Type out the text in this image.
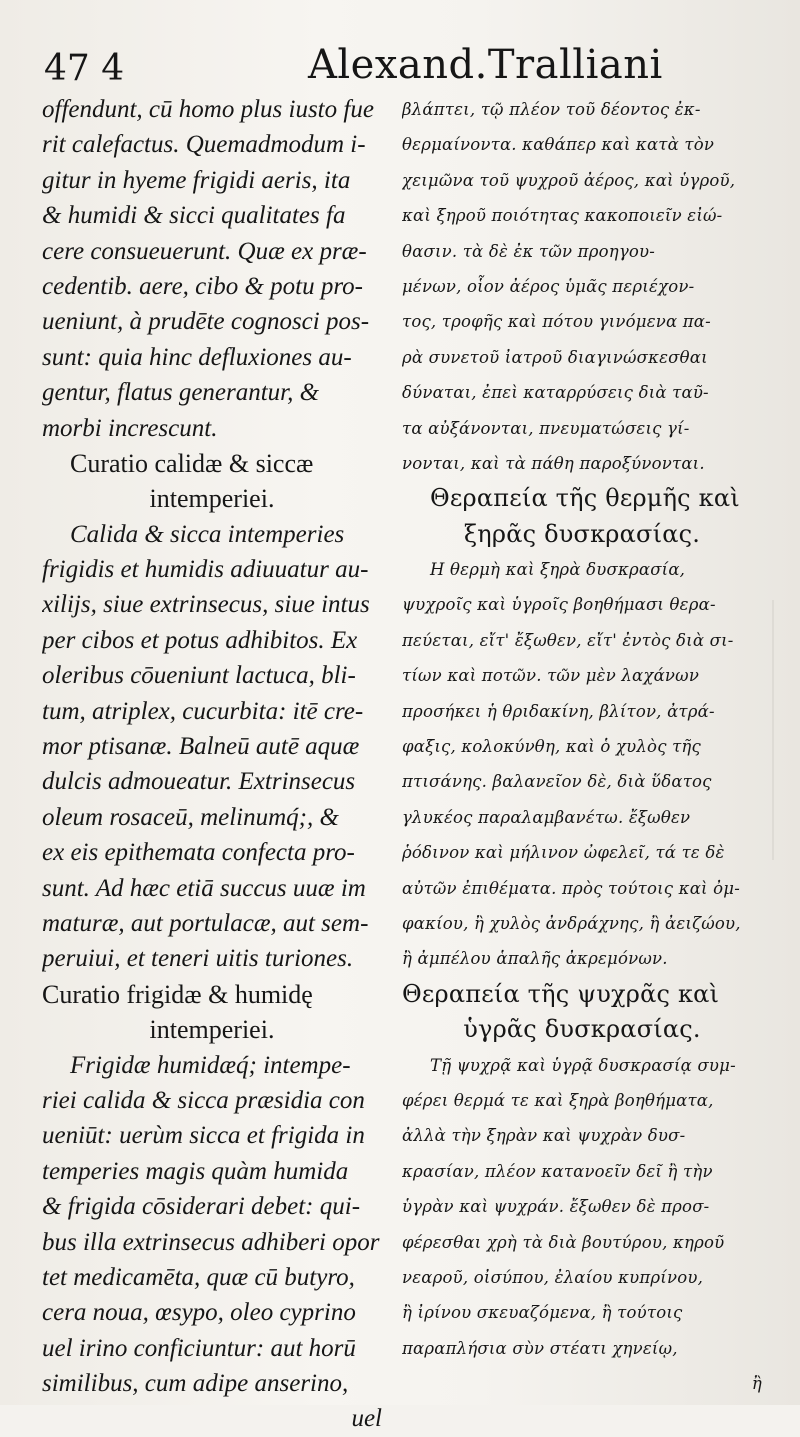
47 4	Alexand.Tralliani
offendunt, cū homo plus iusto fue
rit calefactus. Quemadmodum i-
gitur in hyeme frigidi aeris, ita
& humidi & sicci qualitates fa
cere consueuerunt. Quæ ex præ-
cedentib. aere, cibo & potu pro-
ueniunt, à prudēte cognosci pos-
sunt: quia hinc defluxiones au-
gentur, flatus generantur, &
morbi increscunt.
Curatio calidæ & siccæ
intemperiei.
Calida & sicca intemperies
frigidis et humidis adiuuatur au-
xilijs, siue extrinsecus, siue intus
per cibos et potus adhibitos. Ex
oleribus cōueniunt lactuca, bli-
tum, atriplex, cucurbita: itē cre-
mor ptisanæ. Balneū autē aquæ
dulcis admoueatur. Extrinsecus
oleum rosaceū, melinumq́;, &
ex eis epithemata confecta pro-
sunt. Ad hæc etiā succus uuæ im
maturæ, aut portulacæ, aut sem-
peruiui, et teneri uitis turiones.
Curatio frigidæ & humidę
intemperiei.
Frigidæ humidæq́; intempe-
riei calida & sicca præsidia con
ueniūt: uerùm sicca et frigida in
temperies magis quàm humida
& frigida cōsiderari debet: qui-
bus illa extrinsecus adhiberi opor
tet medicamēta, quæ cū butyro,
cera noua, œsypo, oleo cyprino
uel irino conficiuntur: aut horū
similibus, cum adipe anserino,
uel
βλάπτει, τῷ πλέον τοῦ δέοντος ἐκ-
θερμαίνοντα. καθάπερ καὶ κατὰ τὸν
χειμῶνα τοῦ ψυχροῦ ἀέρος, καὶ ὑγροῦ,
καὶ ξηροῦ ποιότητας κακοποιεῖν εἰώ-
θασιν. τὰ δὲ ἐκ τῶν προηγου-
μένων, οἷον ἀέρος ὑμᾶς περιέχον-
τος, τροφῆς καὶ πότου γινόμενα πα-
ρὰ συνετοῦ ἰατροῦ διαγινώσκεσθαι
δύναται, ἐπεὶ καταρρύσεις διὰ ταῦ-
τα αὐξάνονται, πνευματώσεις γί-
νονται, καὶ τὰ πάθη παροξύνονται.
Θεραπεία τῆς θερμῆς καὶ
ξηρᾶς δυσκρασίας.
Η θερμὴ καὶ ξηρὰ δυσκρασία,
ψυχροῖς καὶ ὑγροῖς βοηθήμασι θερα-
πεύεται, εἴτ' ἔξωθεν, εἴτ' ἐντὸς διὰ σι-
τίων καὶ ποτῶν. τῶν μὲν λαχάνων
προσήκει ἡ θριδακίνη, βλίτον, ἀτρά-
φαξις, κολοκύνθη, καὶ ὁ χυλὸς τῆς
πτισάνης. βαλανεῖον δὲ, διὰ ὕδατος
γλυκέος παραλαμβανέτω. ἔξωθεν
ῥόδινον καὶ μήλινον ὠφελεῖ, τά τε δὲ
αὐτῶν ἐπιθέματα. πρὸς τούτοις καὶ ὀμ-
φακίου, ἢ χυλὸς ἀνδράχνης, ἢ ἀειζώου,
ἢ ἀμπέλου ἁπαλῆς ἀκρεμόνων.
Θεραπεία τῆς ψυχρᾶς καὶ
ὑγρᾶς δυσκρασίας.
Τῇ ψυχρᾷ καὶ ὑγρᾷ δυσκρασίᾳ συμ-
φέρει θερμά τε καὶ ξηρὰ βοηθήματα,
ἀλλὰ τὴν ξηρὰν καὶ ψυχρὰν δυσ-
κρασίαν, πλέον κατανοεῖν δεῖ ἢ τὴν
ὑγρὰν καὶ ψυχράν. ἔξωθεν δὲ προσ-
φέρεσθαι χρὴ τὰ διὰ βουτύρου, κηροῦ
νεαροῦ, οἰσύπου, ἐλαίου κυπρίνου,
ἢ ἰρίνου σκευαζόμενα, ἢ τούτοις
παραπλήσια σὺν στέατι χηνείῳ,
ἢ
